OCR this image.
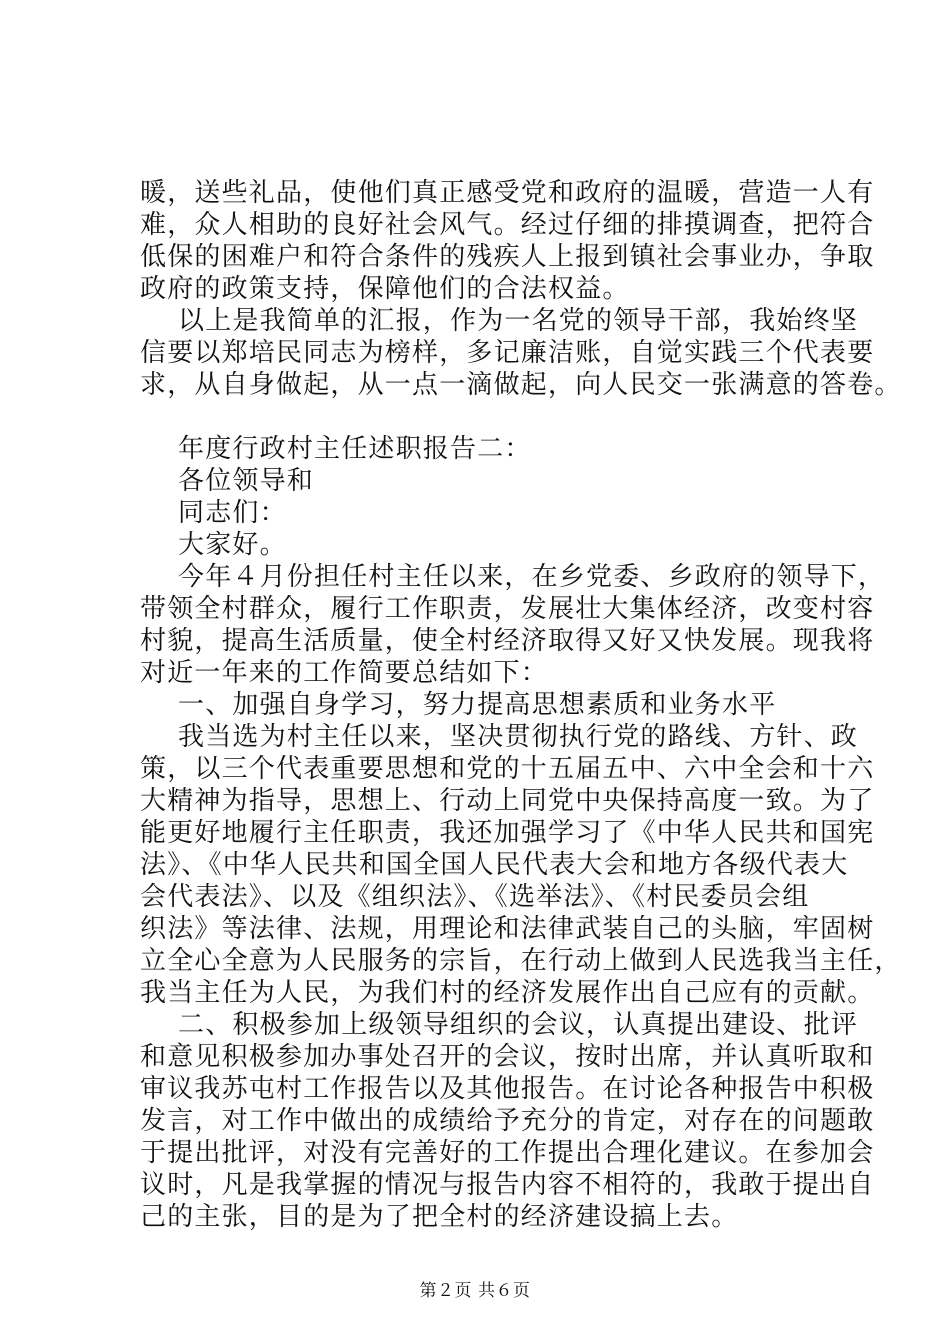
暖，送些礼品，使他们真正感受党和政府的温暖，营造一人有
难，众人相助的良好社会风气。经过仔细的排摸调查，把符合
低保的困难户和符合条件的残疾人上报到镇社会事业办，争取
政府的政策支持，保障他们的合法权益。
以上是我简单的汇报，作为一名党的领导干部，我始终坚
信要以郑培民同志为榜样，多记廉洁账，自觉实践三个代表要
求，从自身做起，从一点一滴做起，向人民交一张满意的答卷。
年度行政村主任述职报告二：
各位领导和
同志们：
大家好。
今年４月份担任村主任以来，在乡党委、乡政府的领导下，
带领全村群众，履行工作职责，发展壮大集体经济，改变村容
村貌，提高生活质量，使全村经济取得又好又快发展。现我将
对近一年来的工作简要总结如下：
一、加强自身学习，努力提高思想素质和业务水平
我当选为村主任以来，坚决贯彻执行党的路线、方针、政
策，以三个代表重要思想和党的十五届五中、六中全会和十六
大精神为指导，思想上、行动上同党中央保持高度一致。为了
能更好地履行主任职责，我还加强学习了《中华人民共和国宪
法》、《中华人民共和国全国人民代表大会和地方各级代表大
会代表法》、以及《组织法》、《选举法》、《村民委员会组
织法》等法律、法规，用理论和法律武装自己的头脑，牢固树
立全心全意为人民服务的宗旨，在行动上做到人民选我当主任，
我当主任为人民，为我们村的经济发展作出自己应有的贡献。
二、积极参加上级领导组织的会议，认真提出建设、批评
和意见积极参加办事处召开的会议，按时出席，并认真听取和
审议我苏屯村工作报告以及其他报告。在讨论各种报告中积极
发言，对工作中做出的成绩给予充分的肯定，对存在的问题敢
于提出批评，对没有完善好的工作提出合理化建议。在参加会
议时，凡是我掌握的情况与报告内容不相符的，我敢于提出自
己的主张，目的是为了把全村的经济建设搞上去。
第２页 共６页
